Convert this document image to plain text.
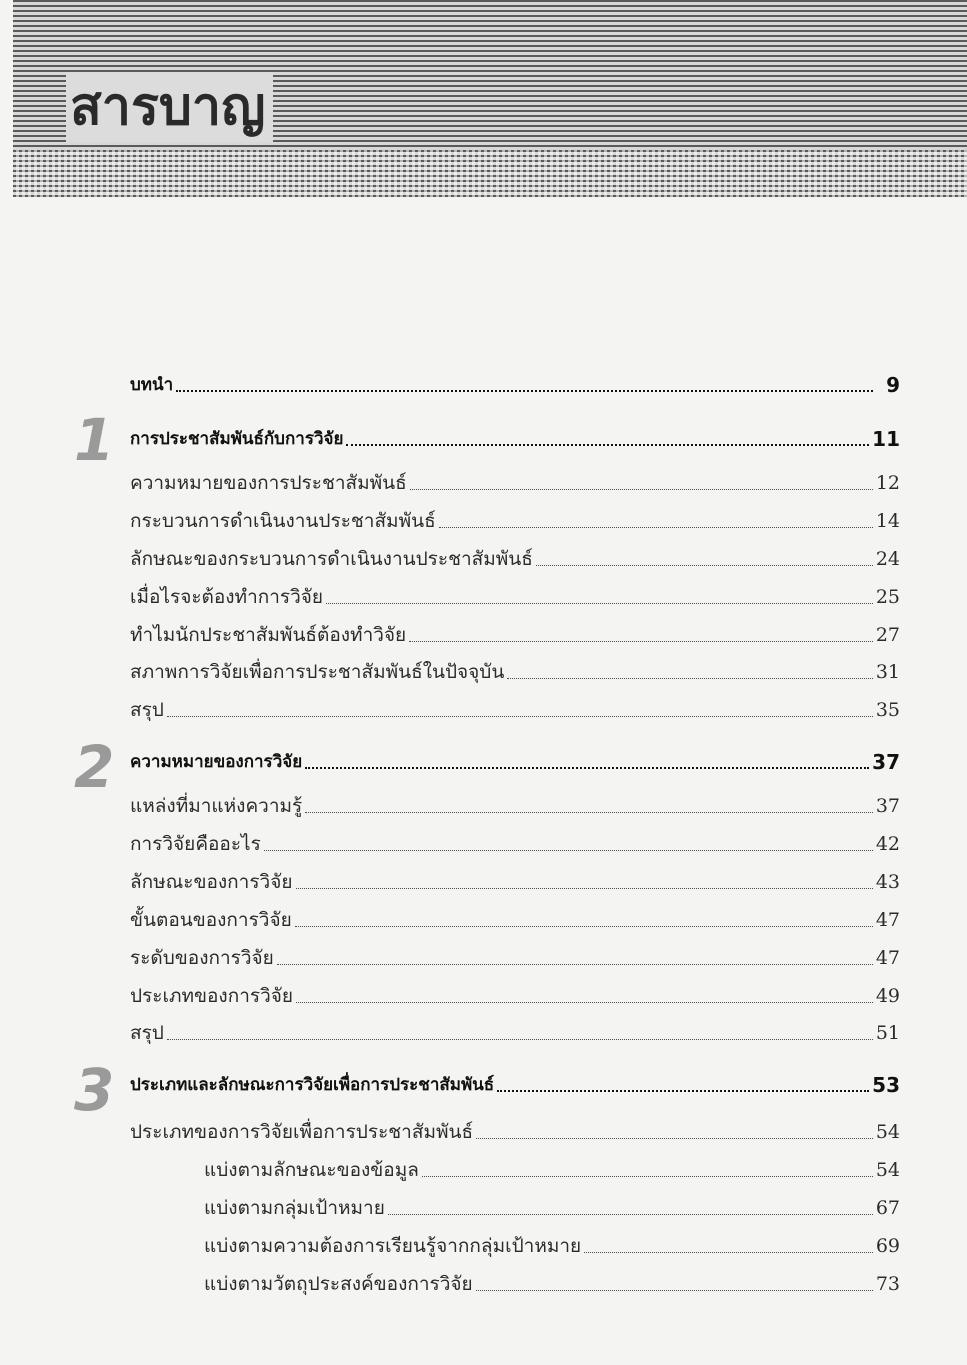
สารบาญ
บทนำ	9
1 การประชาสัมพันธ์กับการวิจัย	11
ความหมายของการประชาสัมพันธ์	12
กระบวนการดำเนินงานประชาสัมพันธ์	14
ลักษณะของกระบวนการดำเนินงานประชาสัมพันธ์	24
เมื่อไรจะต้องทำการวิจัย	25
ทำไมนักประชาสัมพันธ์ต้องทำวิจัย	27
สภาพการวิจัยเพื่อการประชาสัมพันธ์ในปัจจุบัน	31
สรุป	35
2 ความหมายของการวิจัย	37
แหล่งที่มาแห่งความรู้	37
การวิจัยคืออะไร	42
ลักษณะของการวิจัย	43
ขั้นตอนของการวิจัย	47
ระดับของการวิจัย	47
ประเภทของการวิจัย	49
สรุป	51
3 ประเภทและลักษณะการวิจัยเพื่อการประชาสัมพันธ์	53
ประเภทของการวิจัยเพื่อการประชาสัมพันธ์	54
แบ่งตามลักษณะของข้อมูล	54
แบ่งตามกลุ่มเป้าหมาย	67
แบ่งตามความต้องการเรียนรู้จากกลุ่มเป้าหมาย	69
แบ่งตามวัตถุประสงค์ของการวิจัย	73
